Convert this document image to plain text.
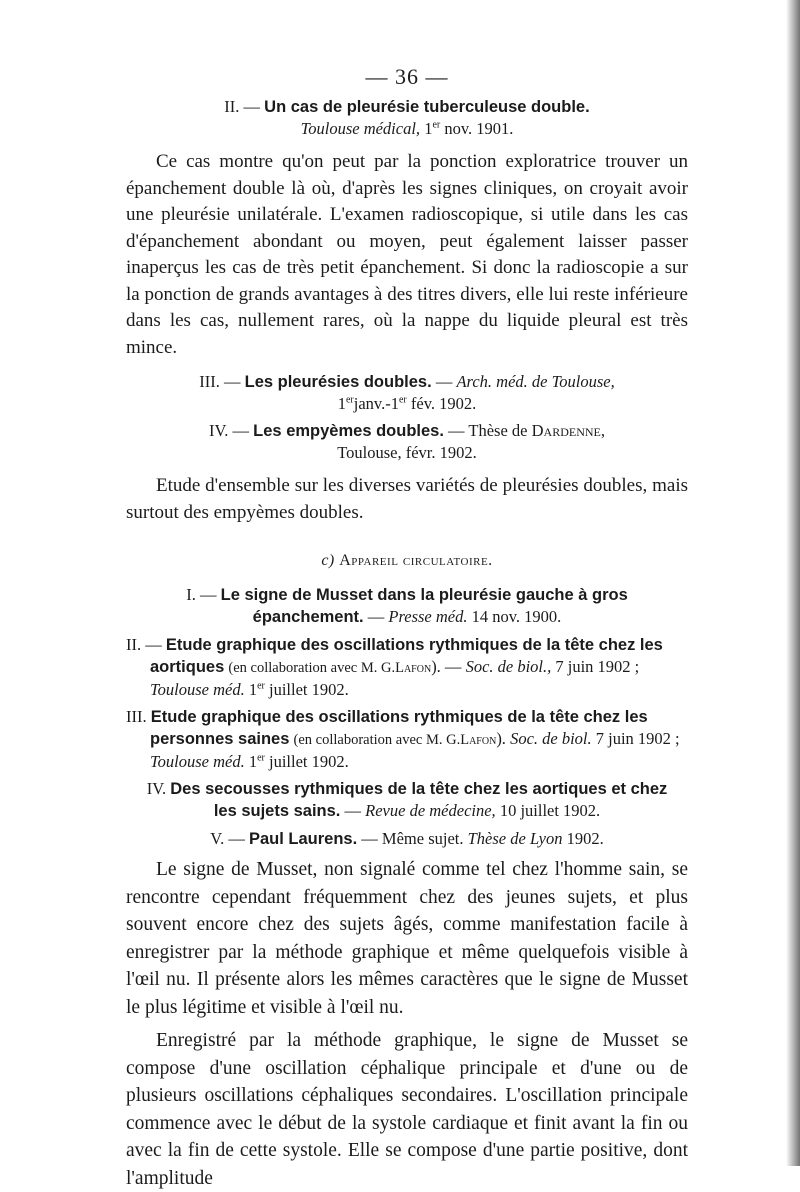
— 36 —
II. — Un cas de pleurésie tuberculeuse double.
Toulouse médical, 1er nov. 1901.

Ce cas montre qu'on peut par la ponction exploratrice trouver un épanchement double là où, d'après les signes cliniques, on croyait avoir une pleurésie unilatérale. L'examen radioscopique, si utile dans les cas d'épanchement abondant ou moyen, peut également laisser passer inaperçus les cas de très petit épanchement. Si donc la radioscopie a sur la ponction de grands avantages à des titres divers, elle lui reste inférieure dans les cas, nullement rares, où la nappe du liquide pleural est très mince.

III. — Les pleurésies doubles. — Arch. méd. de Toulouse,
1erjanv.-1er fév. 1902.
IV. — Les empyèmes doubles. — Thèse de Dardenne,
Toulouse, févr. 1902.

Etude d'ensemble sur les diverses variétés de pleurésies doubles, mais surtout des empyèmes doubles.

c) Appareil circulatoire.
I. — Le signe de Musset dans la pleurésie gauche à gros
épanchement. — Presse méd. 14 nov. 1900.
II. — Etude graphique des oscillations rythmiques de la tête chez les aortiques (en collaboration avec M. G.Lafon). — Soc. de biol., 7 juin 1902 ; Toulouse méd. 1er juillet 1902.
III. Etude graphique des oscillations rythmiques de la tête chez les personnes saines (en collaboration avec M. G.Lafon). Soc. de biol. 7 juin 1902 ; Toulouse méd. 1er juillet 1902.
IV. Des secousses rythmiques de la tête chez les aortiques et chez
les sujets sains. — Revue de médecine, 10 juillet 1902.
V. — Paul Laurens. — Même sujet. Thèse de Lyon 1902.

Le signe de Musset, non signalé comme tel chez l'homme sain, se rencontre cependant fréquemment chez des jeunes sujets, et plus souvent encore chez des sujets âgés, comme manifestation facile à enregistrer par la méthode graphique et même quelquefois visible à l'œil nu. Il présente alors les mêmes caractères que le signe de Musset le plus légitime et visible à l'œil nu.

Enregistré par la méthode graphique, le signe de Musset se compose d'une oscillation céphalique principale et d'une ou de plusieurs oscillations céphaliques secondaires. L'oscillation principale commence avec le début de la systole cardiaque et finit avant la fin ou avec la fin de cette systole. Elle se compose d'une partie positive, dont l'amplitude
